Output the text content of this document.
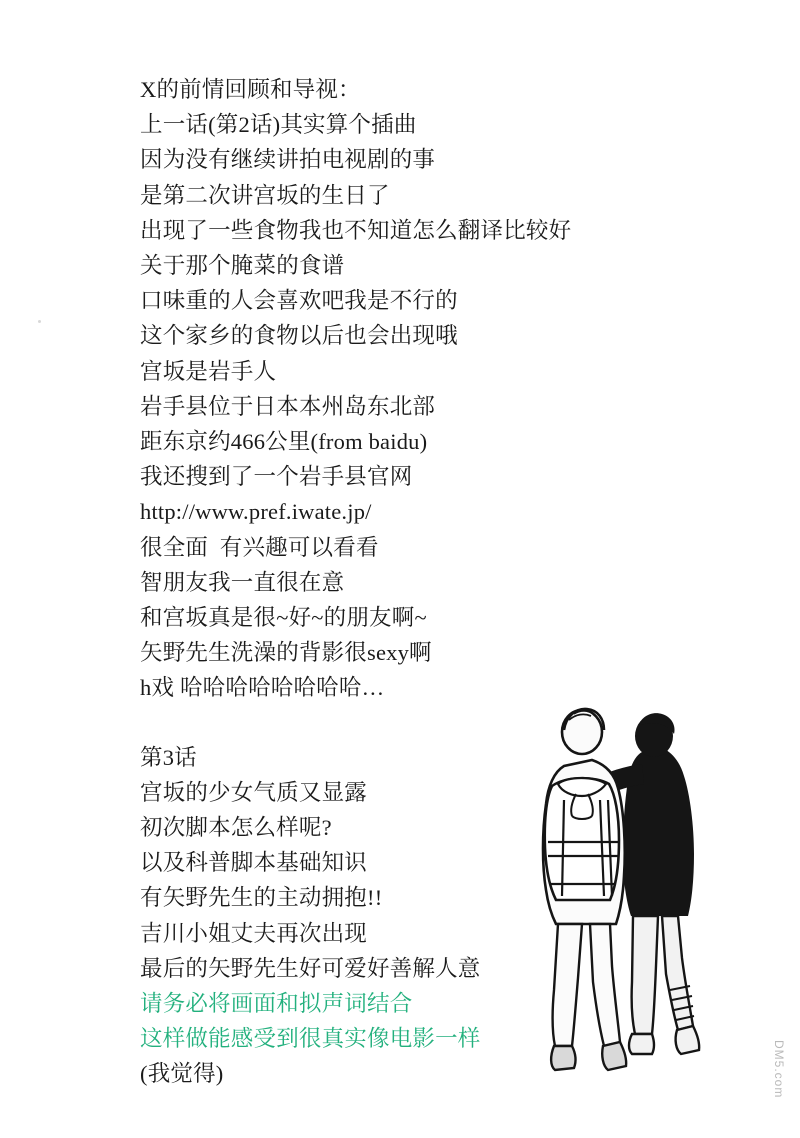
DM5.com
X的前情回顾和导视：
上一话(第2话)其实算个插曲
因为没有继续讲拍电视剧的事
是第二次讲宫坂的生日了
出现了一些食物我也不知道怎么翻译比较好
关于那个腌菜的食谱
口味重的人会喜欢吧我是不行的
这个家乡的食物以后也会出现哦
宫坂是岩手人
岩手县位于日本本州岛东北部
距东京约466公里(from baidu)
我还搜到了一个岩手县官网
http://www.pref.iwate.jp/
很全面  有兴趣可以看看
智朋友我一直很在意
和宫坂真是很~好~的朋友啊~
矢野先生洗澡的背影很sexy啊
h戏 哈哈哈哈哈哈哈哈…
第3话
宫坂的少女气质又显露
初次脚本怎么样呢?
以及科普脚本基础知识
有矢野先生的主动拥抱!!
吉川小姐丈夫再次出现
最后的矢野先生好可爱好善解人意
请务必将画面和拟声词结合
这样做能感受到很真实像电影一样
(我觉得)
